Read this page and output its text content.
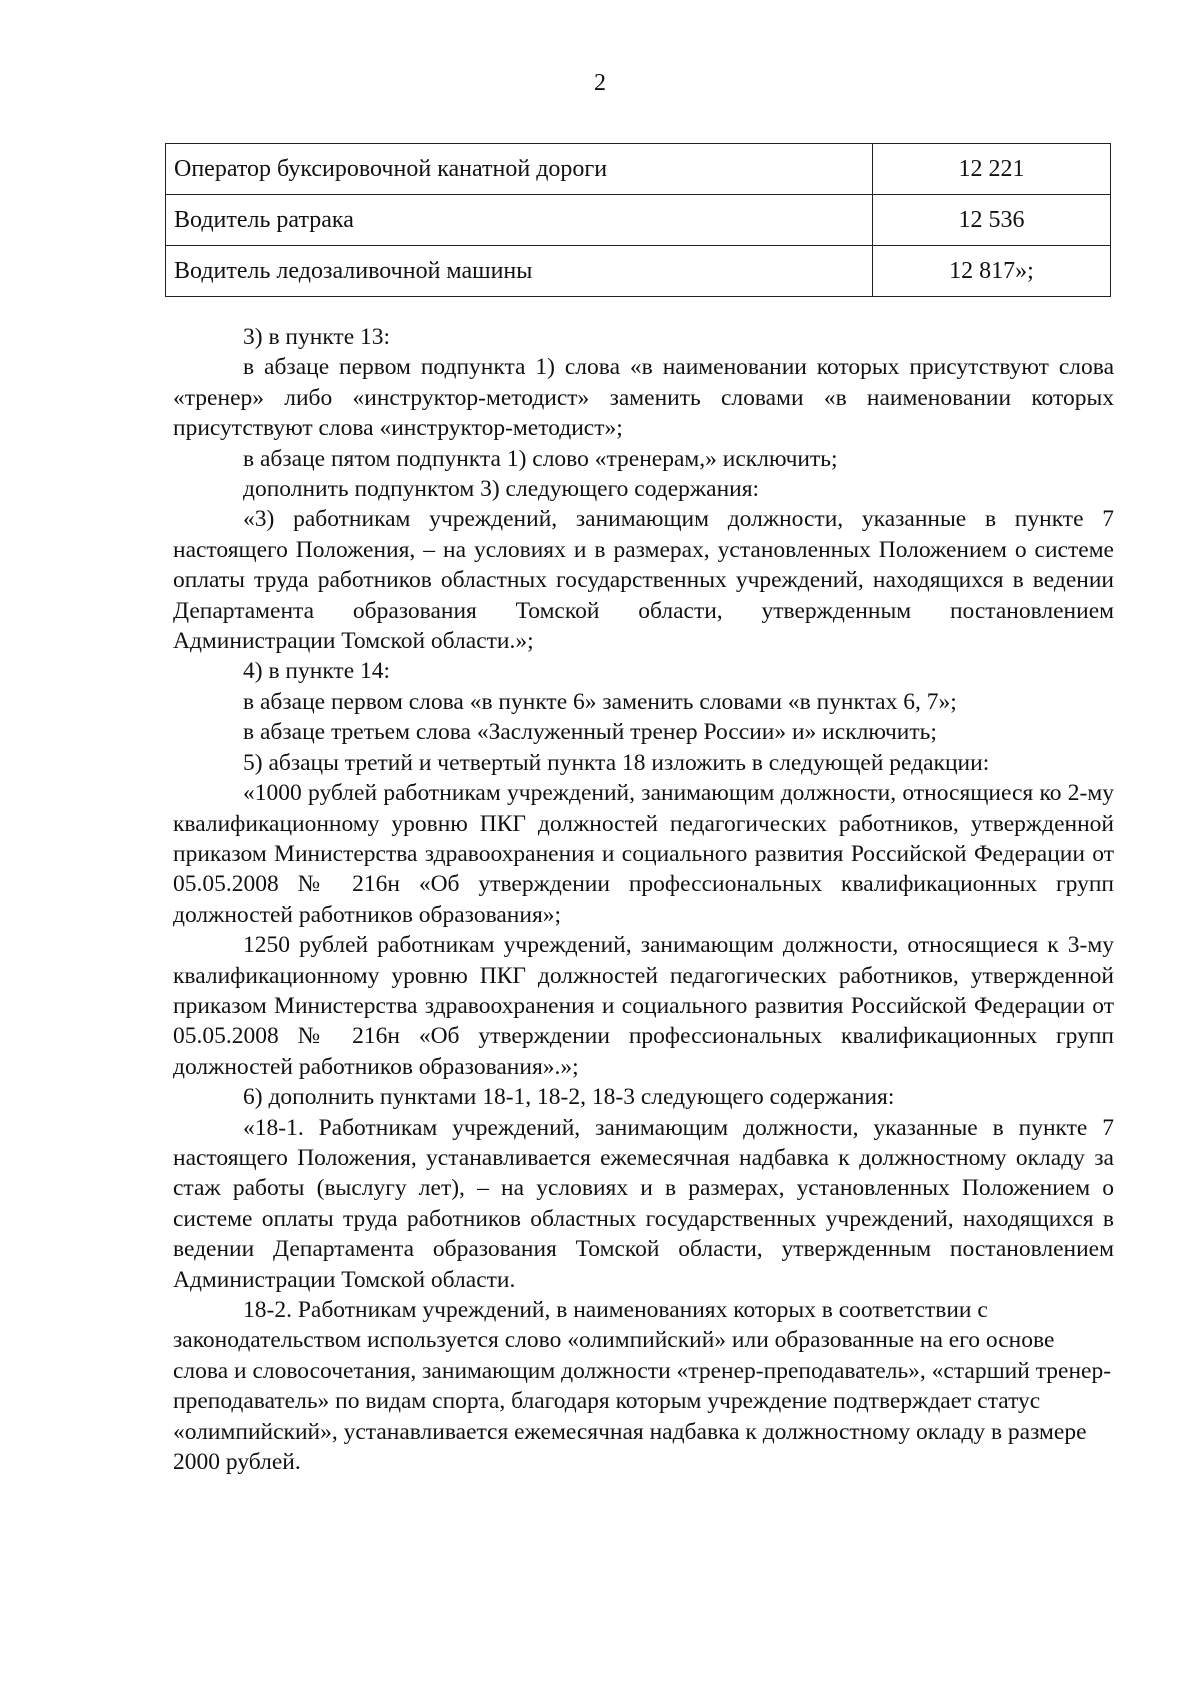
2
Оператор буксировочной канатной дороги	12 221
Водитель ратрака	12 536
Водитель ледозаливочной машины	12 817»;

3) в пункте 13:

в абзаце первом подпункта 1) слова «в наименовании которых присутствуют слова «тренер» либо «инструктор-методист» заменить словами «в наименовании которых присутствуют слова «инструктор-методист»;

в абзаце пятом подпункта 1) слово «тренерам,» исключить;

дополнить подпунктом 3) следующего содержания:

«3) работникам учреждений, занимающим должности, указанные в пункте 7 настоящего Положения, – на условиях и в размерах, установленных Положением о системе оплаты труда работников областных государственных учреждений, находящихся в ведении Департамента образования Томской области, утвержденным постановлением Администрации Томской области.»;

4) в пункте 14:

в абзаце первом слова «в пункте 6» заменить словами «в пунктах 6, 7»;

в абзаце третьем слова «Заслуженный тренер России» и» исключить;

5) абзацы третий и четвертый пункта 18 изложить в следующей редакции:

«1000 рублей работникам учреждений, занимающим должности, относящиеся ко 2-му квалификационному уровню ПКГ должностей педагогических работников, утвержденной приказом Министерства здравоохранения и социального развития Российской Федерации от 05.05.2008 № 216н «Об утверждении профессиональных квалификационных групп должностей работников образования»;

1250 рублей работникам учреждений, занимающим должности, относящиеся к 3-му квалификационному уровню ПКГ должностей педагогических работников, утвержденной приказом Министерства здравоохранения и социального развития Российской Федерации от 05.05.2008 № 216н «Об утверждении профессиональных квалификационных групп должностей работников образования».»;

6) дополнить пунктами 18-1, 18-2, 18-3 следующего содержания:

«18-1. Работникам учреждений, занимающим должности, указанные в пункте 7 настоящего Положения, устанавливается ежемесячная надбавка к должностному окладу за стаж работы (выслугу лет), – на условиях и в размерах, установленных Положением о системе оплаты труда работников областных государственных учреждений, находящихся в ведении Департамента образования Томской области, утвержденным постановлением Администрации Томской области.

18-2. Работникам учреждений, в наименованиях которых в соответствии с законодательством используется слово «олимпийский» или образованные на его основе слова и словосочетания, занимающим должности «тренер-преподаватель», «старший тренер-преподаватель» по видам спорта, благодаря которым учреждение подтверждает статус «олимпийский», устанавливается ежемесячная надбавка к должностному окладу в размере 2000 рублей.
